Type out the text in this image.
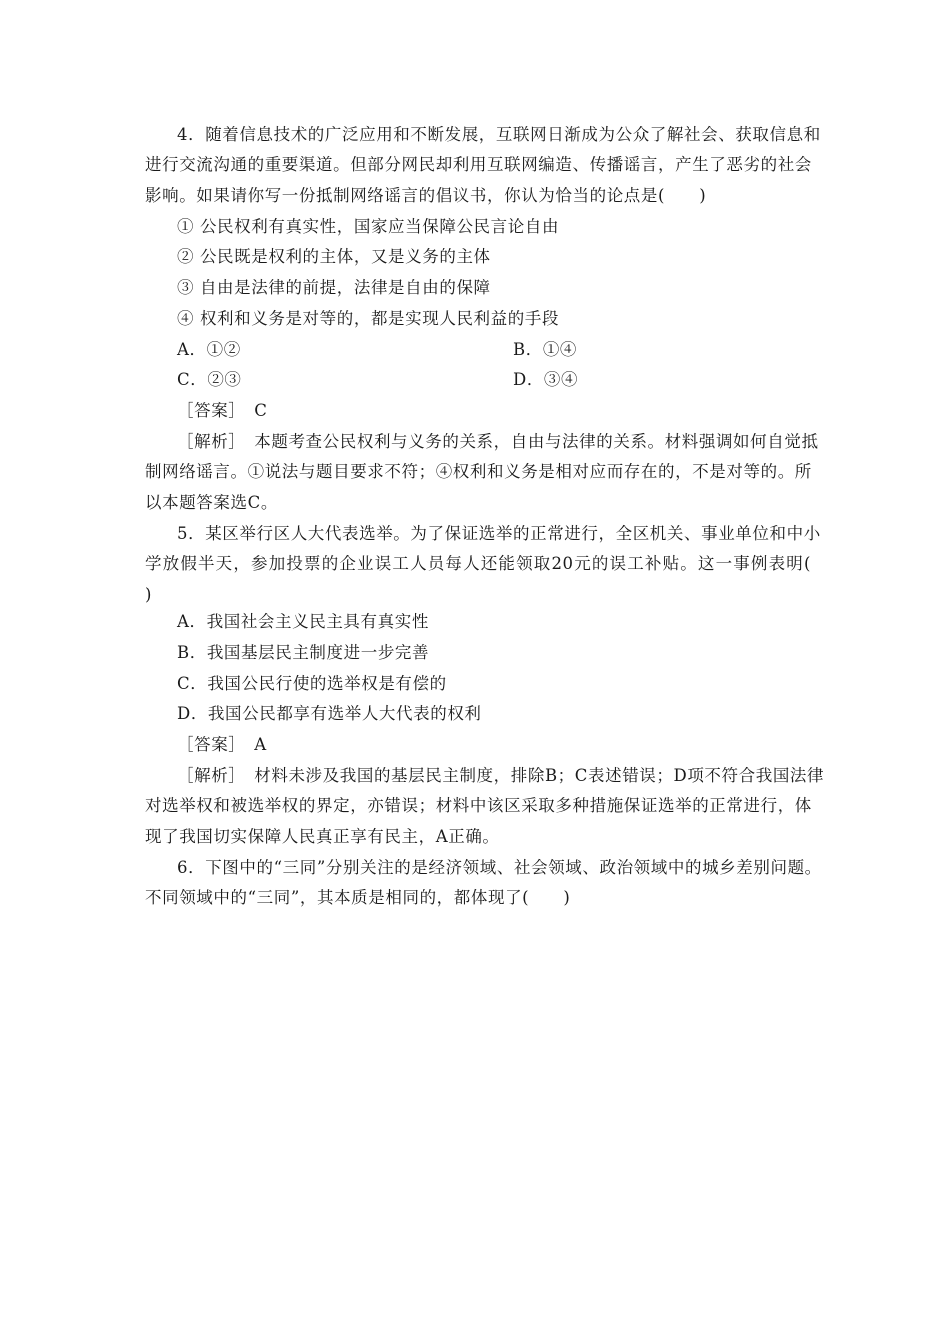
4．随着信息技术的广泛应用和不断发展，互联网日渐成为公众了解社会、获取信息和
进行交流沟通的重要渠道。但部分网民却利用互联网编造、传播谣言，产生了恶劣的社会
影响。如果请你写一份抵制网络谣言的倡议书，你认为恰当的论点是(　　)
① 公民权利有真实性，国家应当保障公民言论自由
② 公民既是权利的主体，又是义务的主体
③ 自由是法律的前提，法律是自由的保障
④ 权利和义务是对等的，都是实现人民利益的手段
A．①②	B．①④
C．②③	D．③④
［答案］　C
［解析］　本题考查公民权利与义务的关系，自由与法律的关系。材料强调如何自觉抵
制网络谣言。①说法与题目要求不符；④权利和义务是相对应而存在的，不是对等的。所
以本题答案选C。
5．某区举行区人大代表选举。为了保证选举的正常进行，全区机关、事业单位和中小
学放假半天，参加投票的企业误工人员每人还能领取20元的误工补贴。这一事例表明(
)
A．我国社会主义民主具有真实性
B．我国基层民主制度进一步完善
C．我国公民行使的选举权是有偿的
D．我国公民都享有选举人大代表的权利
［答案］　A
［解析］　材料未涉及我国的基层民主制度，排除B；C表述错误；D项不符合我国法律
对选举权和被选举权的界定，亦错误；材料中该区采取多种措施保证选举的正常进行，体
现了我国切实保障人民真正享有民主，A正确。
6．下图中的“三同”分别关注的是经济领域、社会领域、政治领域中的城乡差别问题。
不同领域中的“三同”，其本质是相同的，都体现了(　　)
